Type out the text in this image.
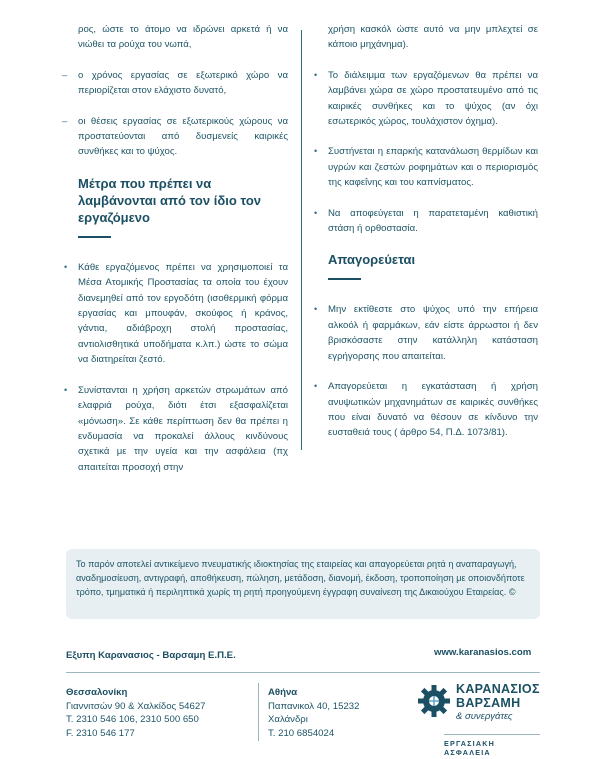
ρος, ώστε το άτομο να ιδρώνει αρκετά ή να νιώθει τα ρούχα του νωπά,
– ο χρόνος εργασίας σε εξωτερικό χώρο να περιορίζεται στον ελάχιστο δυνατό,
– οι θέσεις εργασίας σε εξωτερικούς χώρους να προστατεύονται από δυσμενείς καιρικές συνθήκες και το ψύχος.
Μέτρα που πρέπει να λαμβάνονται από τον ίδιο τον εργαζόμενο
• Κάθε εργαζόμενος πρέπει να χρησιμοποιεί τα Μέσα Ατομικής Προστασίας τα οποία του έχουν διανεμηθεί από τον εργοδότη (ισοθερμική φόρμα εργασίας και μπουφάν, σκούφος ή κράνος, γάντια, αδιάβροχη στολή προστασίας, αντιολισθητικά υποδήματα κ.λπ.) ώστε το σώμα να διατηρείται ζεστό.
• Συνίστανται η χρήση αρκετών στρωμάτων από ελαφριά ρούχα, διότι έτσι εξασφαλίζεται «μόνωση». Σε κάθε περίπτωση δεν θα πρέπει η ενδυμασία να προκαλεί άλλους κινδύνους σχετικά με την υγεία και την ασφάλεια (πχ απαιτείται προσοχή στην
χρήση κασκόλ ώστε αυτό να μην μπλεχτεί σε κάποιο μηχάνημα).
• Το διάλειμμα των εργαζόμενων θα πρέπει να λαμβάνει χώρα σε χώρο προστατευμένο από τις καιρικές συνθήκες και το ψύχος (αν όχι εσωτερικός χώρος, τουλάχιστον όχημα).
• Συστήνεται η επαρκής κατανάλωση θερμίδων και υγρών και ζεστών ροφημάτων και ο περιορισμός της καφεΐνης και του καπνίσματος.
• Να αποφεύγεται η παρατεταμένη καθιστική στάση ή ορθοστασία.
Απαγορεύεται
• Μην εκτίθεστε στο ψύχος υπό την επήρεια αλκοόλ ή φαρμάκων, εάν είστε άρρωστοι ή δεν βρισκόσαστε στην κατάλληλη κατάσταση εγρήγορσης που απαιτείται.
• Απαγορεύεται η εγκατάσταση ή χρήση ανυψωτικών μηχανημάτων σε καιρικές συνθήκες που είναι δυνατό να θέσουν σε κίνδυνο την ευσταθειά τους ( άρθρο 54, Π.Δ. 1073/81).
Το παρόν αποτελεί αντικείμενο πνευματικής ιδιοκτησίας της εταιρείας και απαγορεύεται ρητά η αναπαραγωγή, αναδημοσίευση, αντιγραφή, αποθήκευση, πώληση, μετάδοση, διανομή, έκδοση, τροποποίηση με οποιονδήποτε τρόπο, τμηματικά ή περιληπτικά χωρίς τη ρητή προηγούμενη έγγραφη συναίνεση της Δικαιούχου Εταιρείας. ©
Εξυπη Καρανασιος - Βαρσαμη Ε.Π.Ε.	www.karanasios.com
Θεσσαλονίκη
Γιαννιτσών 90 & Χαλκίδος 54627
Τ. 2310 546 106, 2310 500 650
F. 2310 546 177
Αθήνα
Παπανικολ 40, 15232
Χαλάνδρι
Τ. 210 6854024
ΚΑΡΑΝΑΣΙΟΣ
ΒΑΡΣΑΜΗ
& συνεργάτες
ΕΡΓΑΣΙΑΚΗ ΑΣΦΑΛΕΙΑ
